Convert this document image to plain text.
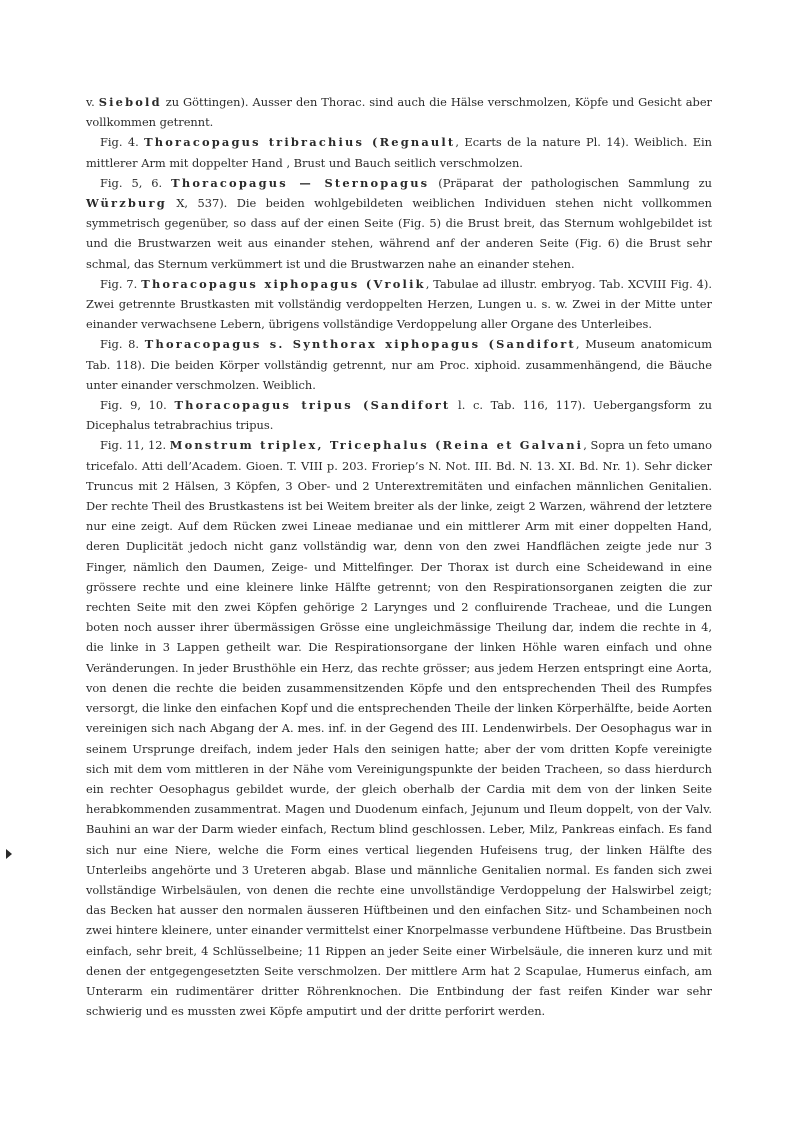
v. Siebold zu Göttingen). Ausser den Thorac. sind auch die Hälse verschmolzen, Köpfe und Gesicht aber vollkommen getrennt.

Fig. 4. Thoracopagus tribrachius (Regnault, Ecarts de la nature Pl. 14). Weiblich. Ein mittlerer Arm mit doppelter Hand , Brust und Bauch seitlich verschmolzen.

Fig. 5, 6. Thoracopagus — Sternopagus (Präparat der pathologischen Sammlung zu Würzburg X, 537). Die beiden wohlgebildeten weiblichen Individuen stehen nicht vollkommen symmetrisch gegenüber, so dass auf der einen Seite (Fig. 5) die Brust breit, das Sternum wohlgebildet ist und die Brustwarzen weit aus einander stehen, während anf der anderen Seite (Fig. 6) die Brust sehr schmal, das Sternum verkümmert ist und die Brustwarzen nahe an einander stehen.

Fig. 7. Thoracopagus xiphopagus (Vrolik, Tabulae ad illustr. embryog. Tab. XCVIII Fig. 4). Zwei getrennte Brustkasten mit vollständig verdoppelten Herzen, Lungen u. s. w. Zwei in der Mitte unter einander verwachsene Lebern, übrigens vollständige Verdoppelung aller Organe des Unterleibes.

Fig. 8. Thoracopagus s. Synthorax xiphopagus (Sandifort, Museum anatomicum Tab. 118). Die beiden Körper vollständig getrennt, nur am Proc. xiphoid. zusammenhängend, die Bäuche unter einander verschmolzen. Weiblich.

Fig. 9, 10. Thoracopagus tripus (Sandifort l. c. Tab. 116, 117). Uebergangsform zu Dicephalus tetrabrachius tripus.

Fig. 11, 12. Monstrum triplex, Tricephalus (Reina et Galvani, Sopra un feto umano tricefalo. Atti dell’Academ. Gioen. T. VIII p. 203. Froriep’s N. Not. III. Bd. N. 13. XI. Bd. Nr. 1). Sehr dicker Truncus mit 2 Hälsen, 3 Köpfen, 3 Ober- und 2 Unterextremitäten und einfachen männlichen Genitalien. Der rechte Theil des Brustkastens ist bei Weitem breiter als der linke, zeigt 2 Warzen, während der letztere nur eine zeigt. Auf dem Rücken zwei Lineae medianae und ein mittlerer Arm mit einer doppelten Hand, deren Duplicität jedoch nicht ganz vollständig war, denn von den zwei Handflächen zeigte jede nur 3 Finger, nämlich den Daumen, Zeige- und Mittelfinger. Der Thorax ist durch eine Scheidewand in eine grössere rechte und eine kleinere linke Hälfte getrennt; von den Respirationsorganen zeigten die zur rechten Seite mit den zwei Köpfen gehörige 2 Larynges und 2 confluirende Tracheae, und die Lungen boten noch ausser ihrer übermässigen Grösse eine ungleichmässige Theilung dar, indem die rechte in 4, die linke in 3 Lappen getheilt war. Die Respirationsorgane der linken Höhle waren einfach und ohne Veränderungen. In jeder Brusthöhle ein Herz, das rechte grösser; aus jedem Herzen entspringt eine Aorta, von denen die rechte die beiden zusammensitzenden Köpfe und den entsprechenden Theil des Rumpfes versorgt, die linke den einfachen Kopf und die entsprechenden Theile der linken Körperhälfte, beide Aorten vereinigen sich nach Abgang der A. mes. inf. in der Gegend des III. Lendenwirbels. Der Oesophagus war in seinem Ursprunge dreifach, indem jeder Hals den seinigen hatte; aber der vom dritten Kopfe vereinigte sich mit dem vom mittleren in der Nähe vom Vereinigungspunkte der beiden Tracheen, so dass hierdurch ein rechter Oesophagus gebildet wurde, der gleich oberhalb der Cardia mit dem von der linken Seite herabkommenden zusammentrat. Magen und Duodenum einfach, Jejunum und Ileum doppelt, von der Valv. Bauhini an war der Darm wieder einfach, Rectum blind geschlossen. Leber, Milz, Pankreas einfach. Es fand sich nur eine Niere, welche die Form eines vertical liegenden Hufeisens trug, der linken Hälfte des Unterleibs angehörte und 3 Ureteren abgab. Blase und männliche Genitalien normal. Es fanden sich zwei vollständige Wirbelsäulen, von denen die rechte eine unvollständige Verdoppelung der Halswirbel zeigt; das Becken hat ausser den normalen äusseren Hüftbeinen und den einfachen Sitz- und Schambeinen noch zwei hintere kleinere, unter einander vermittelst einer Knorpelmasse verbundene Hüftbeine. Das Brustbein einfach, sehr breit, 4 Schlüsselbeine; 11 Rippen an jeder Seite einer Wirbelsäule, die inneren kurz und mit denen der entgegengesetzten Seite verschmolzen. Der mittlere Arm hat 2 Scapulae, Humerus einfach, am Unterarm ein rudimentärer dritter Röhrenknochen. Die Entbindung der fast reifen Kinder war sehr schwierig und es mussten zwei Köpfe amputirt und der dritte perforirt werden.
